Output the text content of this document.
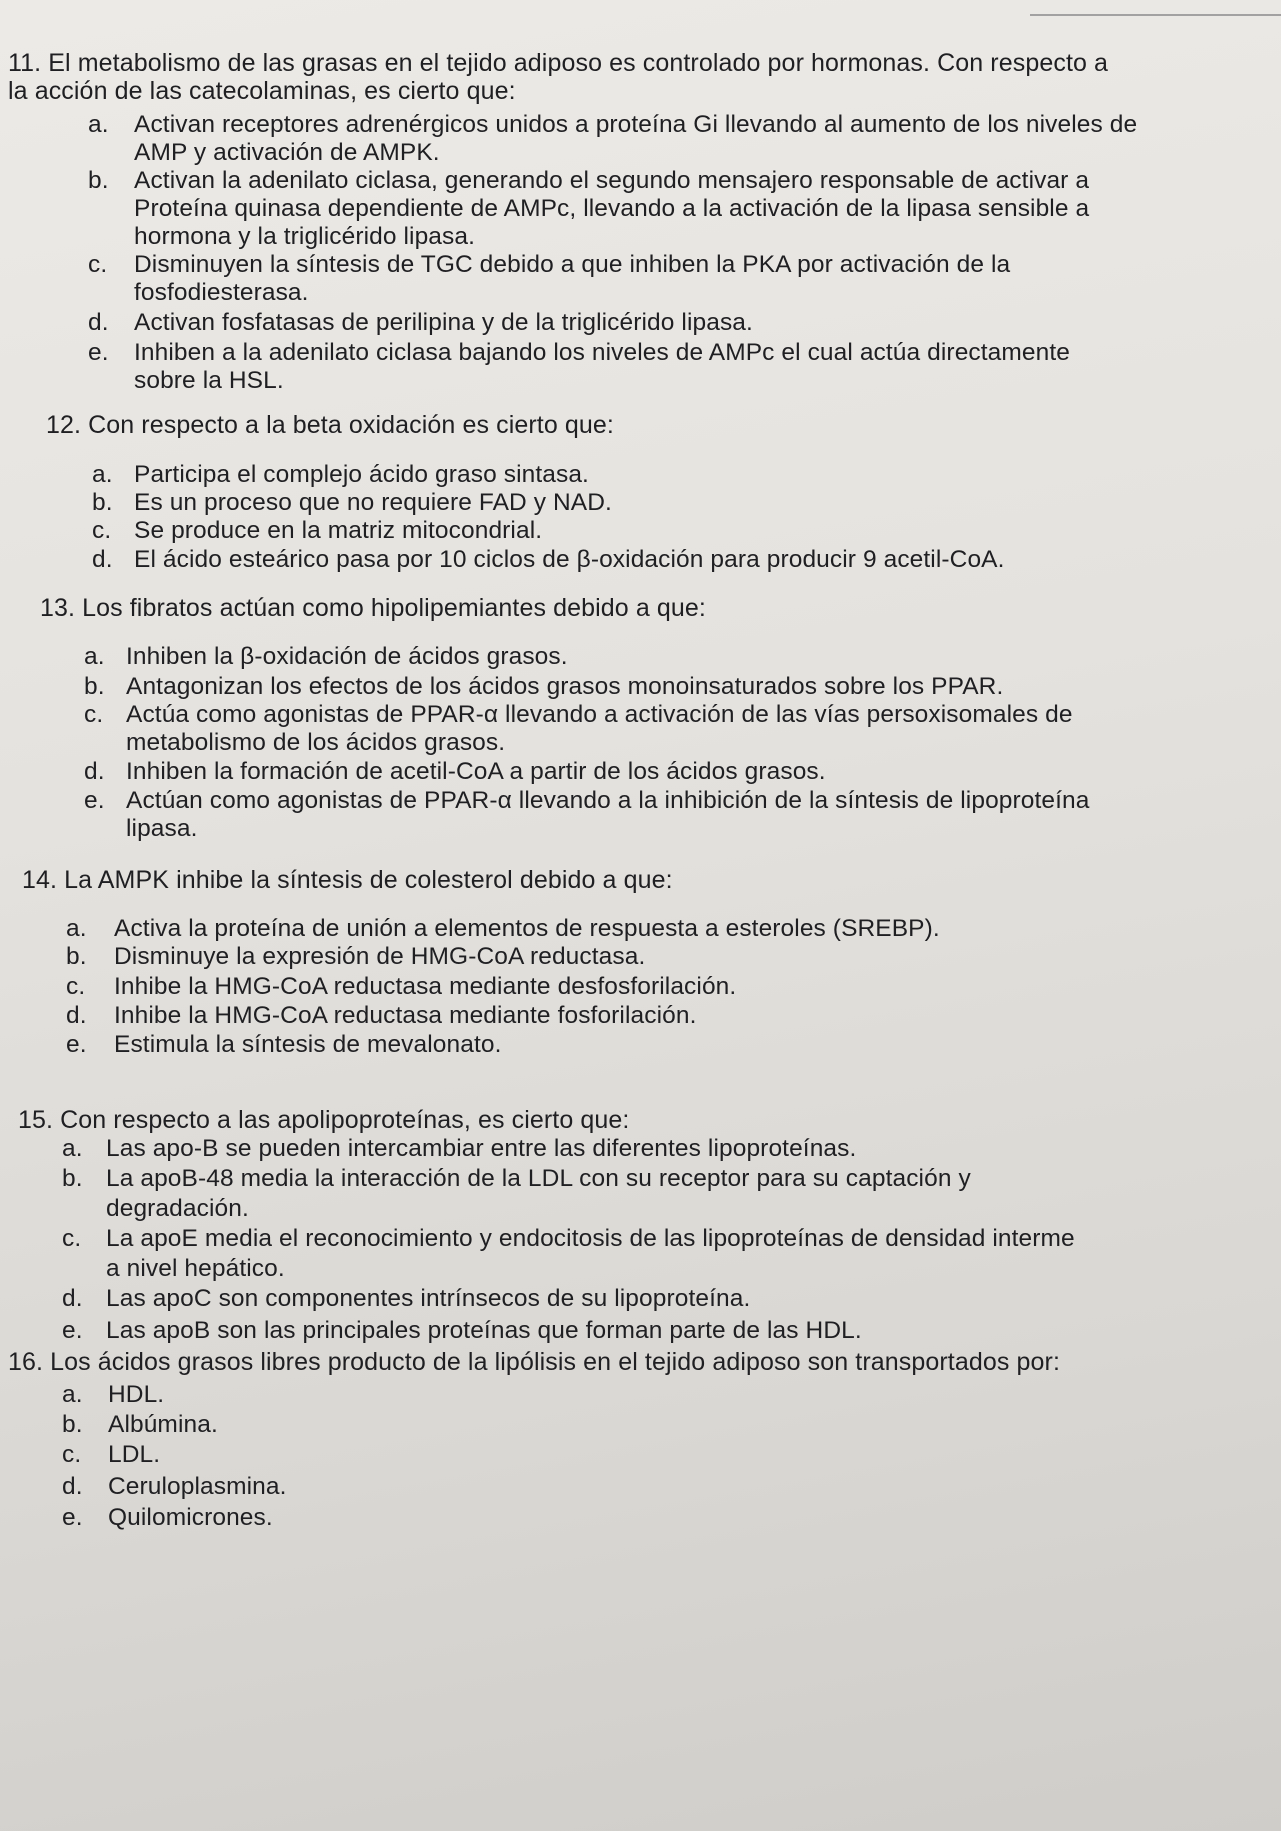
11. El metabolismo de las grasas en el tejido adiposo es controlado por hormonas. Con respecto a
la acción de las catecolaminas, es cierto que:
a. Activan receptores adrenérgicos unidos a proteína Gi llevando al aumento de los niveles de
AMP y activación de AMPK.
b. Activan la adenilato ciclasa, generando el segundo mensajero responsable de activar a
Proteína quinasa dependiente de AMPc, llevando a la activación de la lipasa sensible a
hormona y la triglicérido lipasa.
c. Disminuyen la síntesis de TGC debido a que inhiben la PKA por activación de la
fosfodiesterasa.
d. Activan fosfatasas de perilipina y de la triglicérido lipasa.
e. Inhiben a la adenilato ciclasa bajando los niveles de AMPc el cual actúa directamente
sobre la HSL.
12. Con respecto a la beta oxidación es cierto que:
a. Participa el complejo ácido graso sintasa.
b. Es un proceso que no requiere FAD y NAD.
c. Se produce en la matriz mitocondrial.
d. El ácido esteárico pasa por 10 ciclos de β-oxidación para producir 9 acetil-CoA.
13. Los fibratos actúan como hipolipemiantes debido a que:
a. Inhiben la β-oxidación de ácidos grasos.
b. Antagonizan los efectos de los ácidos grasos monoinsaturados sobre los PPAR.
c. Actúa como agonistas de PPAR-α llevando a activación de las vías persoxisomales de
metabolismo de los ácidos grasos.
d. Inhiben la formación de acetil-CoA a partir de los ácidos grasos.
e. Actúan como agonistas de PPAR-α llevando a la inhibición de la síntesis de lipoproteína
lipasa.
14. La AMPK inhibe la síntesis de colesterol debido a que:
a. Activa la proteína de unión a elementos de respuesta a esteroles (SREBP).
b. Disminuye la expresión de HMG-CoA reductasa.
c. Inhibe la HMG-CoA reductasa mediante desfosforilación.
d. Inhibe la HMG-CoA reductasa mediante fosforilación.
e. Estimula la síntesis de mevalonato.
15. Con respecto a las apolipoproteínas, es cierto que:
a. Las apo-B se pueden intercambiar entre las diferentes lipoproteínas.
b. La apoB-48 media la interacción de la LDL con su receptor para su captación y
degradación.
c. La apoE media el reconocimiento y endocitosis de las lipoproteínas de densidad interme
a nivel hepático.
d. Las apoC son componentes intrínsecos de su lipoproteína.
e. Las apoB son las principales proteínas que forman parte de las HDL.
16. Los ácidos grasos libres producto de la lipólisis en el tejido adiposo son transportados por:
a. HDL.
b. Albúmina.
c. LDL.
d. Ceruloplasmina.
e. Quilomicrones.
